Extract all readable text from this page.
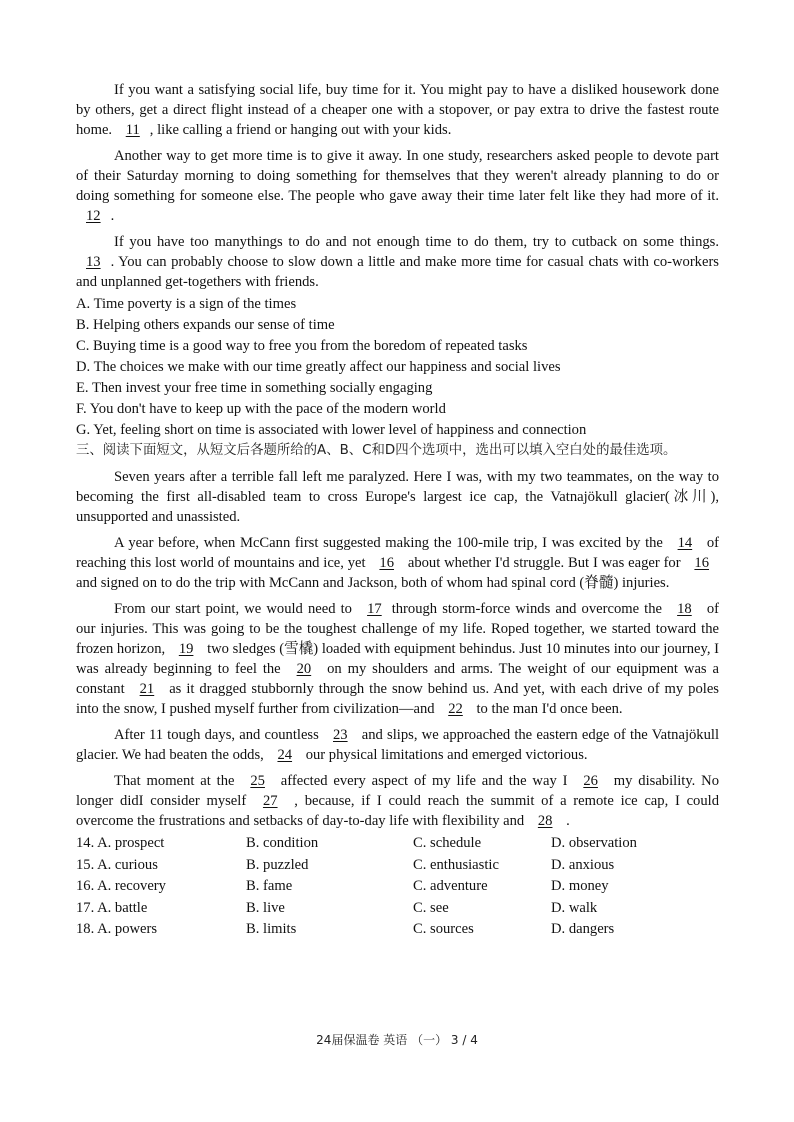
If you want a satisfying social life, buy time for it. You might pay to have a disliked housework done by others, get a direct flight instead of a cheaper one with a stopover, or pay extra to drive the fastest route home. 11 , like calling a friend or hanging out with your kids.

Another way to get more time is to give it away. In one study, researchers asked people to devote part of their Saturday morning to doing something for themselves that they weren't already planning to do or doing something for someone else. The people who gave away their time later felt like they had more of it. 12 .

If you have too manythings to do and not enough time to do them, try to cutback on some things. 13 . You can probably choose to slow down a little and make more time for casual chats with co-workers and unplanned get-togethers with friends.

A. Time poverty is a sign of the times

B. Helping others expands our sense of time

C. Buying time is a good way to free you from the boredom of repeated tasks

D. The choices we make with our time greatly affect our happiness and social lives

E. Then invest your free time in something socially engaging

F. You don't have to keep up with the pace of the modern world

G. Yet, feeling short on time is associated with lower level of happiness and connection

三、阅读下面短文，从短文后各题所给的A、B、C和D四个选项中，选出可以填入空白处的最佳选项。

Seven years after a terrible fall left me paralyzed. Here I was, with my two teammates, on the way to becoming the first all-disabled team to cross Europe's largest ice cap, the Vatnajökull glacier(冰川), unsupported and unassisted.

A year before, when McCann first suggested making the 100-mile trip, I was excited by the 14 of reaching this lost world of mountains and ice, yet 16 about whether I'd struggle. But I was eager for 16 and signed on to do the trip with McCann and Jackson, both of whom had spinal cord (脊髓) injuries.

From our start point, we would need to 17 through storm-force winds and overcome the 18 of our injuries. This was going to be the toughest challenge of my life. Roped together, we started toward the frozen horizon, 19 two sledges (雪橇) loaded with equipment behindus. Just 10 minutes into our journey, I was already beginning to feel the 20 on my shoulders and arms. The weight of our equipment was a constant 21 as it dragged stubbornly through the snow behind us. And yet, with each drive of my poles into the snow, I pushed myself further from civilization—and 22 to the man I'd once been.

After 11 tough days, and countless 23 and slips, we approached the eastern edge of the Vatnajökull glacier. We had beaten the odds, 24 our physical limitations and emerged victorious.

That moment at the 25 affected every aspect of my life and the way I 26 my disability. No longer didI consider myself 27 , because, if I could reach the summit of a remote ice cap, I could overcome the frustrations and setbacks of day-to-day life with flexibility and 28 .

14. A. prospect	B. condition	C. schedule	D. observation
15. A. curious	B. puzzled	C. enthusiastic	D. anxious
16. A. recovery	B. fame	C. adventure	D. money
17. A. battle	B. live	C. see	D. walk
18. A. powers	B. limits	C. sources	D. dangers
24届保温卷 英语 （一） 3 / 4
